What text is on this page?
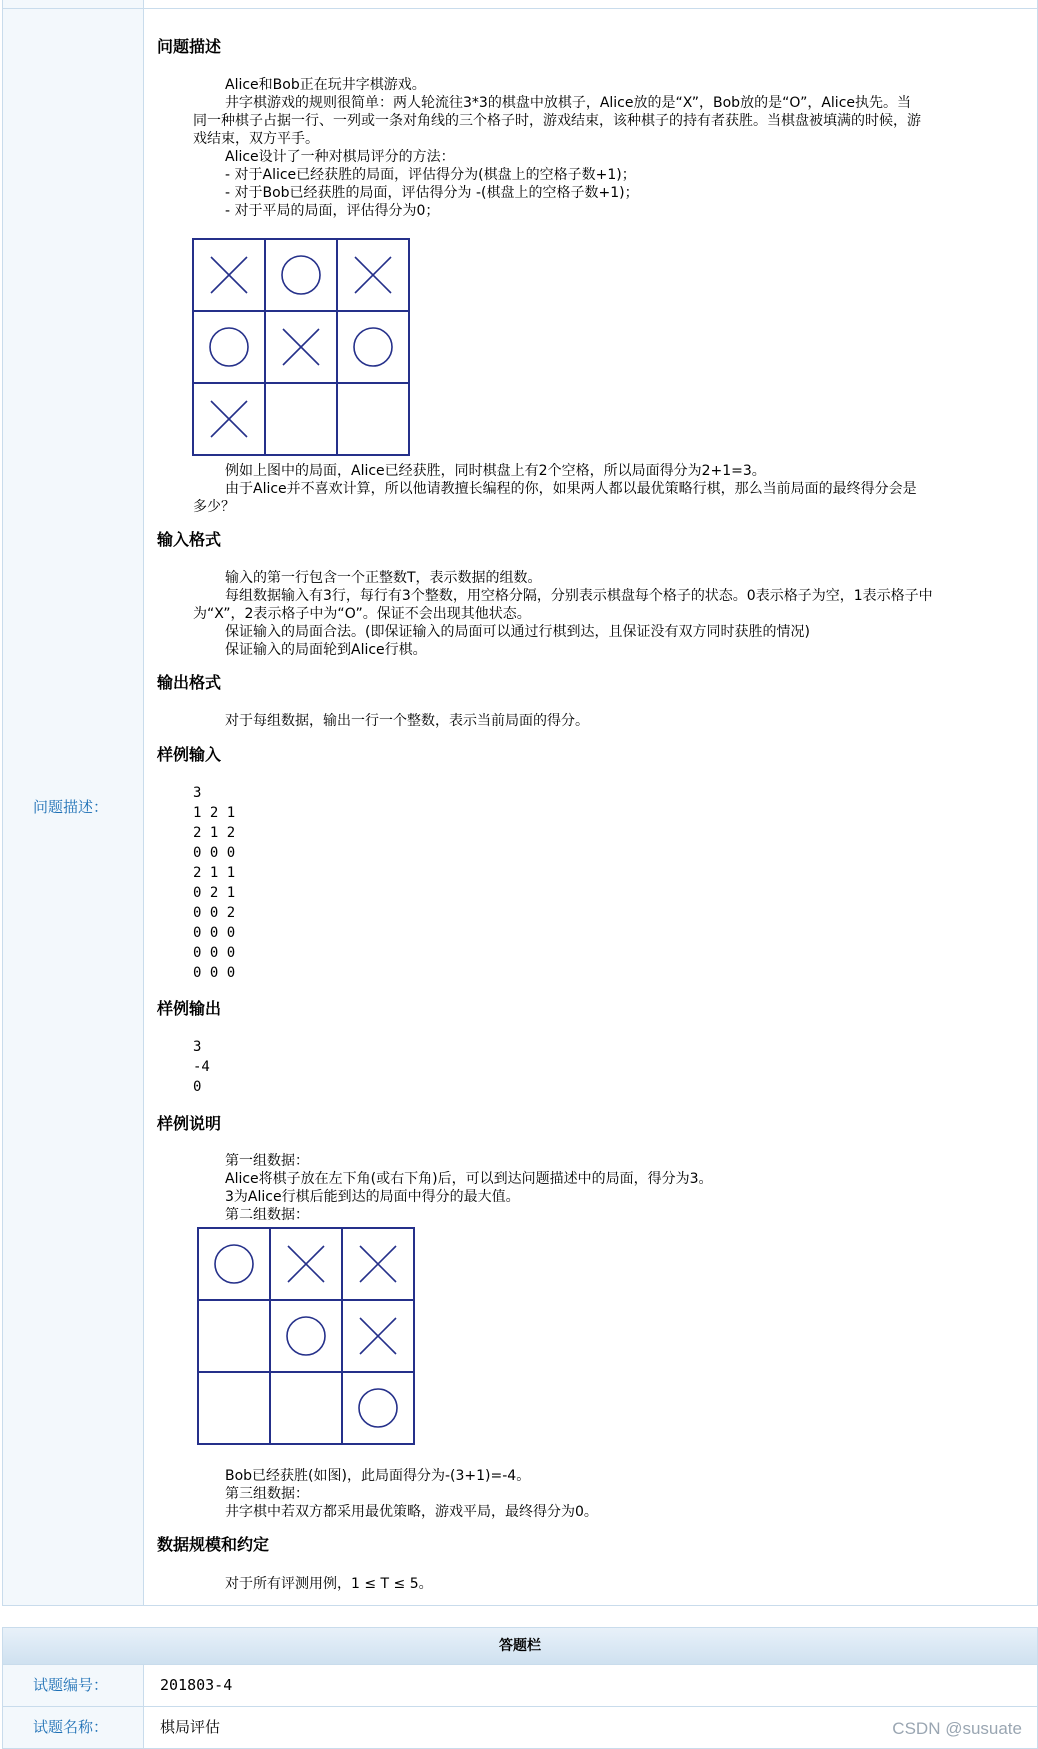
问题描述：
问题描述
Alice和Bob正在玩井字棋游戏。
井字棋游戏的规则很简单：两人轮流往3*3的棋盘中放棋子，Alice放的是“X”，Bob放的是“O”，Alice执先。当
同一种棋子占据一行、一列或一条对角线的三个格子时，游戏结束，该种棋子的持有者获胜。当棋盘被填满的时候，游
戏结束，双方平手。
Alice设计了一种对棋局评分的方法：
- 对于Alice已经获胜的局面，评估得分为(棋盘上的空格子数+1)；
- 对于Bob已经获胜的局面，评估得分为 -(棋盘上的空格子数+1)；
- 对于平局的局面，评估得分为0；
例如上图中的局面，Alice已经获胜，同时棋盘上有2个空格，所以局面得分为2+1=3。
由于Alice并不喜欢计算，所以他请教擅长编程的你，如果两人都以最优策略行棋，那么当前局面的最终得分会是
多少？
输入格式
输入的第一行包含一个正整数T，表示数据的组数。
每组数据输入有3行，每行有3个整数，用空格分隔，分别表示棋盘每个格子的状态。0表示格子为空，1表示格子中
为“X”，2表示格子中为“O”。保证不会出现其他状态。
保证输入的局面合法。(即保证输入的局面可以通过行棋到达，且保证没有双方同时获胜的情况)
保证输入的局面轮到Alice行棋。
输出格式
对于每组数据，输出一行一个整数，表示当前局面的得分。
样例输入
3
1 2 1
2 1 2
0 0 0
2 1 1
0 2 1
0 0 2
0 0 0
0 0 0
0 0 0
样例输出
3
-4
0
样例说明
第一组数据：
Alice将棋子放在左下角(或右下角)后，可以到达问题描述中的局面，得分为3。
3为Alice行棋后能到达的局面中得分的最大值。
第二组数据：
Bob已经获胜(如图)，此局面得分为-(3+1)=-4。
第三组数据：
井字棋中若双方都采用最优策略，游戏平局，最终得分为0。
数据规模和约定
对于所有评测用例，1 ≤ T ≤ 5。
答题栏
试题编号：	201803-4
试题名称：	棋局评估	CSDN @susuate
